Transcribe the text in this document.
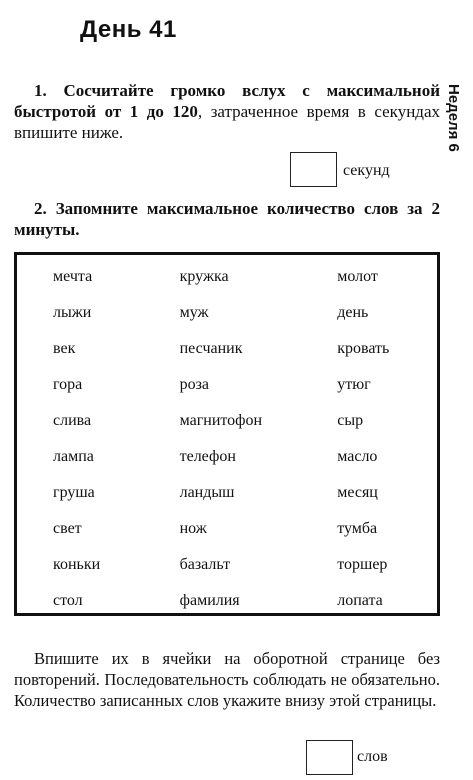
День 41
Неделя 6

1. Сосчитайте громко вслух с максимальной быстротой от 1 до 120, затраченное время в секундах впишите ниже.

секунд

2. Запомните максимальное количество слов за 2 минуты.

мечта	кружка	молот
лыжи	муж	день
век	песчаник	кровать
гора	роза	утюг
слива	магнитофон	сыр
лампа	телефон	масло
груша	ландыш	месяц
свет	нож	тумба
коньки	базальт	торшер
стол	фамилия	лопата

Впишите их в ячейки на оборотной странице без повторений. Последовательность соблюдать не обязательно. Количество записанных слов укажите внизу этой страницы.

слов
